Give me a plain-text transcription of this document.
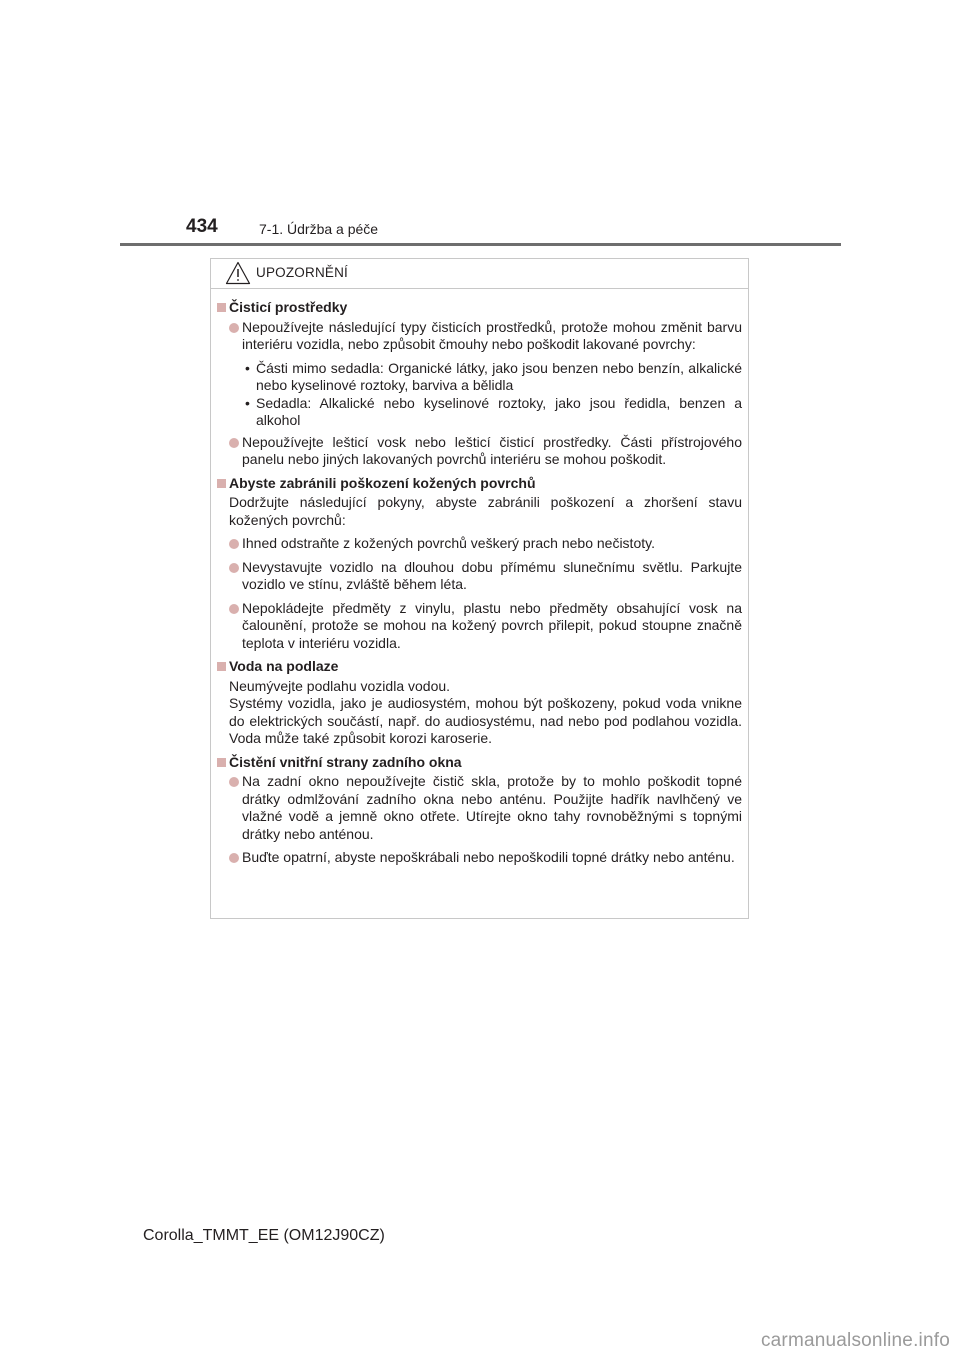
434	7-1. Údržba a péče
UPOZORNĚNÍ
Čisticí prostředky
Nepoužívejte následující typy čisticích prostředků, protože mohou změnit barvu interiéru vozidla, nebo způsobit čmouhy nebo poškodit lakované povrchy:
• Části mimo sedadla: Organické látky, jako jsou benzen nebo benzín, alkalické nebo kyselinové roztoky, barviva a bělidla
• Sedadla: Alkalické nebo kyselinové roztoky, jako jsou ředidla, benzen a alkohol
Nepoužívejte lešticí vosk nebo lešticí čisticí prostředky. Části přístrojového panelu nebo jiných lakovaných povrchů interiéru se mohou poškodit.
Abyste zabránili poškození kožených povrchů
Dodržujte následující pokyny, abyste zabránili poškození a zhoršení stavu kožených povrchů:
Ihned odstraňte z kožených povrchů veškerý prach nebo nečistoty.
Nevystavujte vozidlo na dlouhou dobu přímému slunečnímu světlu. Parkujte vozidlo ve stínu, zvláště během léta.
Nepokládejte předměty z vinylu, plastu nebo předměty obsahující vosk na čalounění, protože se mohou na kožený povrch přilepit, pokud stoupne značně teplota v interiéru vozidla.
Voda na podlaze
Neumývejte podlahu vozidla vodou.
Systémy vozidla, jako je audiosystém, mohou být poškozeny, pokud voda vnikne do elektrických součástí, např. do audiosystému, nad nebo pod podlahou vozidla. Voda může také způsobit korozi karoserie.
Čistění vnitřní strany zadního okna
Na zadní okno nepoužívejte čistič skla, protože by to mohlo poškodit topné drátky odmlžování zadního okna nebo anténu. Použijte hadřík navlhčený ve vlažné vodě a jemně okno otřete. Utírejte okno tahy rovnoběžnými s topnými drátky nebo anténou.
Buďte opatrní, abyste nepoškrábali nebo nepoškodili topné drátky nebo anténu.
Corolla_TMMT_EE (OM12J90CZ)
carmanualsonline.info
